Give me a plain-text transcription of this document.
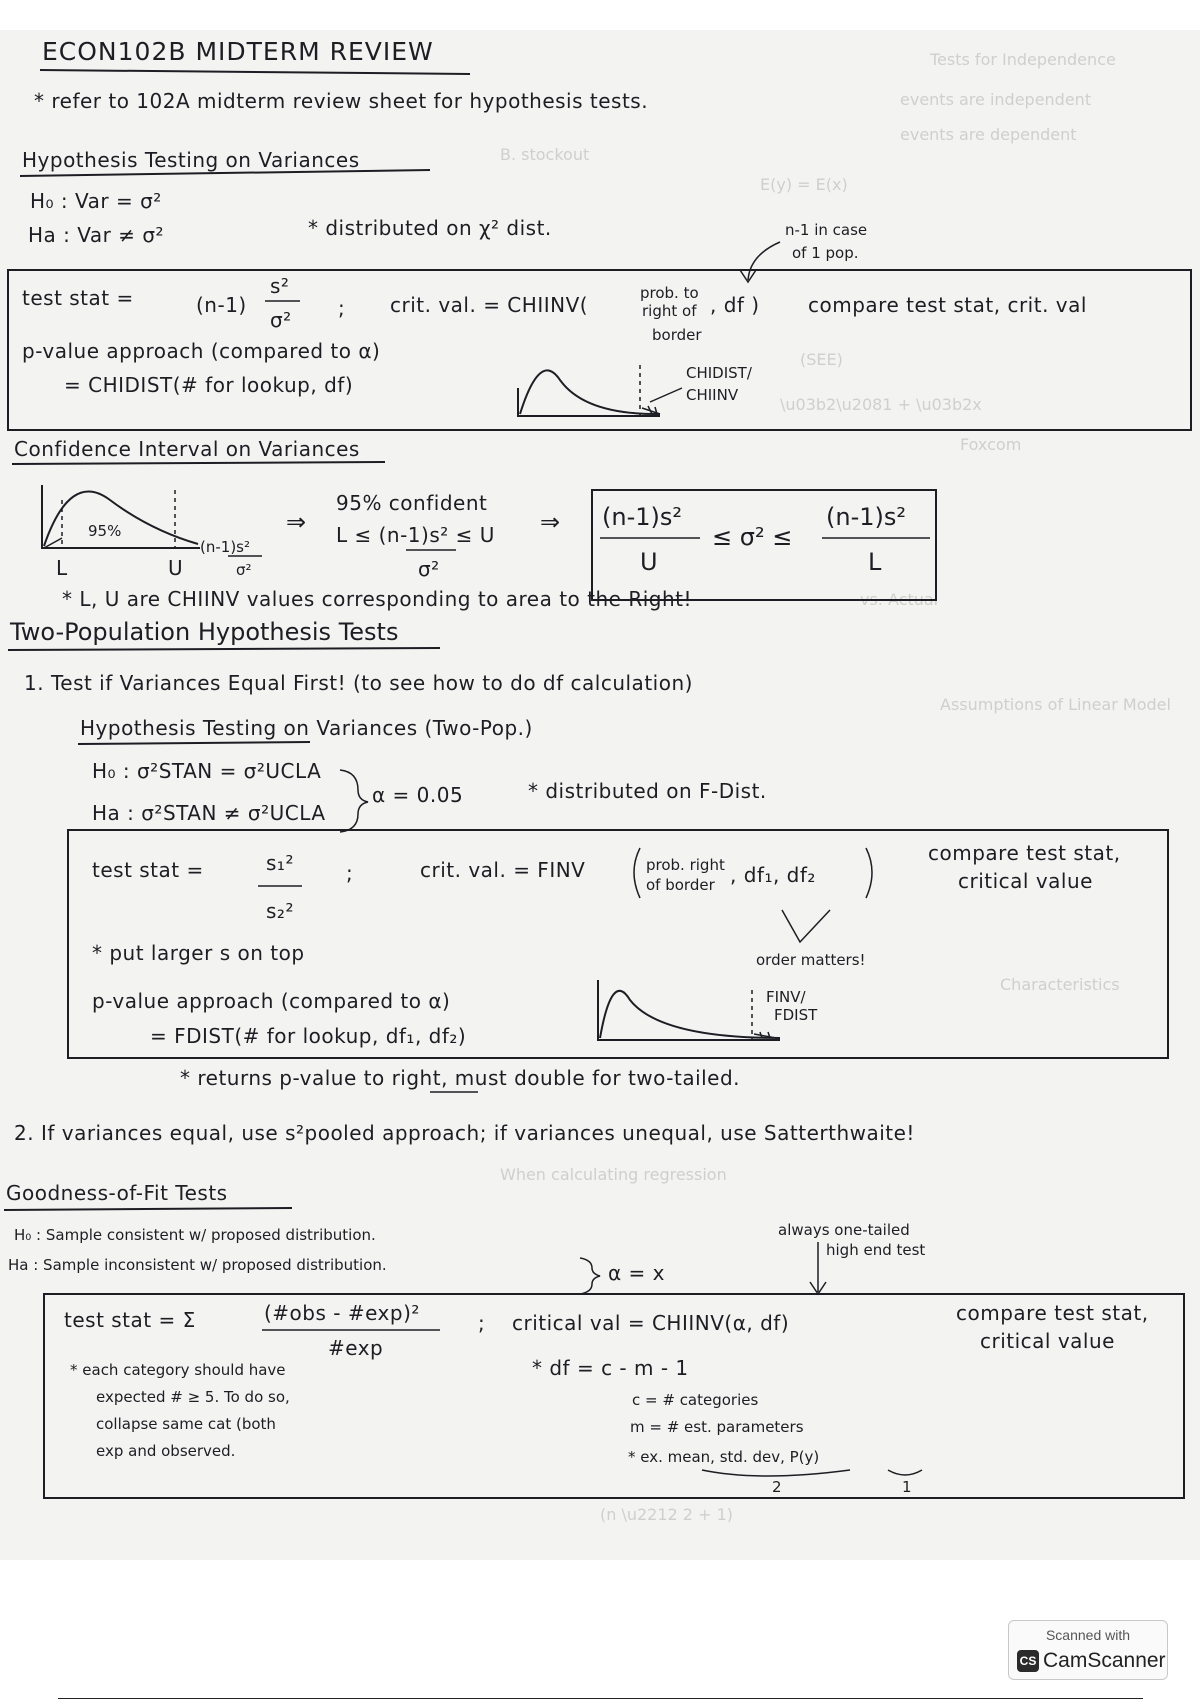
Tests for Independence
events are independent
events are dependent
B. stockout
E(y) = E(x)
(SEE)
\u03b2\u2081 + \u03b2x
Foxcom
vs. Actual
Assumptions of Linear Model
Characteristics
When calculating regression
(n \u2212 2 + 1)
ECON102B MIDTERM REVIEW
* refer to 102A midterm review sheet for hypothesis tests.
Hypothesis Testing on Variances
H₀ : Var = σ²
Ha : Var ≠ σ²	* distributed on χ² dist.	n-1 in case
of 1 pop.
test stat =	(n-1)
s²
σ² ; crit. val. = CHIINV(	prob. to
right of
border
, df ) compare test stat, crit. val
p-value approach (compared to α)
= CHIDIST(# for lookup, df)	CHIDIST/
CHIINV
Confidence Interval on Variances
95%
L	U
(n-1)s²
σ²
⇒
95% confident
L ≤ (n-1)s² ≤ U
σ²
⇒ (n-1)s²
U
≤ σ² ≤
(n-1)s²
L
* L, U are CHIINV values corresponding to area to the Right!
Two-Population Hypothesis Tests
1. Test if Variances Equal First! (to see how to do df calculation)
Hypothesis Testing on Variances (Two-Pop.)
H₀ : σ²STAN = σ²UCLA
Ha : σ²STAN ≠ σ²UCLA
α = 0.05	* distributed on F-Dist.
test stat =	s₁²
s₂²
;	crit. val. = FINV	prob. right
of border , df₁, df₂
compare test stat,
critical value
order matters!
* put larger s on top
p-value approach (compared to α)
= FDIST(# for lookup, df₁, df₂)
FINV/
FDIST
* returns p-value to right, must double for two-tailed.
2. If variances equal, use s²pooled approach; if variances unequal, use Satterthwaite!
Goodness-of-Fit Tests
H₀ : Sample consistent w/ proposed distribution.
Ha : Sample inconsistent w/ proposed distribution.	α = x
always one-tailed
high end test
test stat = Σ	(#obs - #exp)²
#exp
; critical val = CHIINV(α, df)	compare test stat,
critical value
* each category should have
expected # ≥ 5. To do so,
collapse same cat (both
exp and observed.
* df = c - m - 1
c = # categories
m = # est. parameters
* ex. mean, std. dev, P(y)
2	1
Scanned with
CS CamScanner
